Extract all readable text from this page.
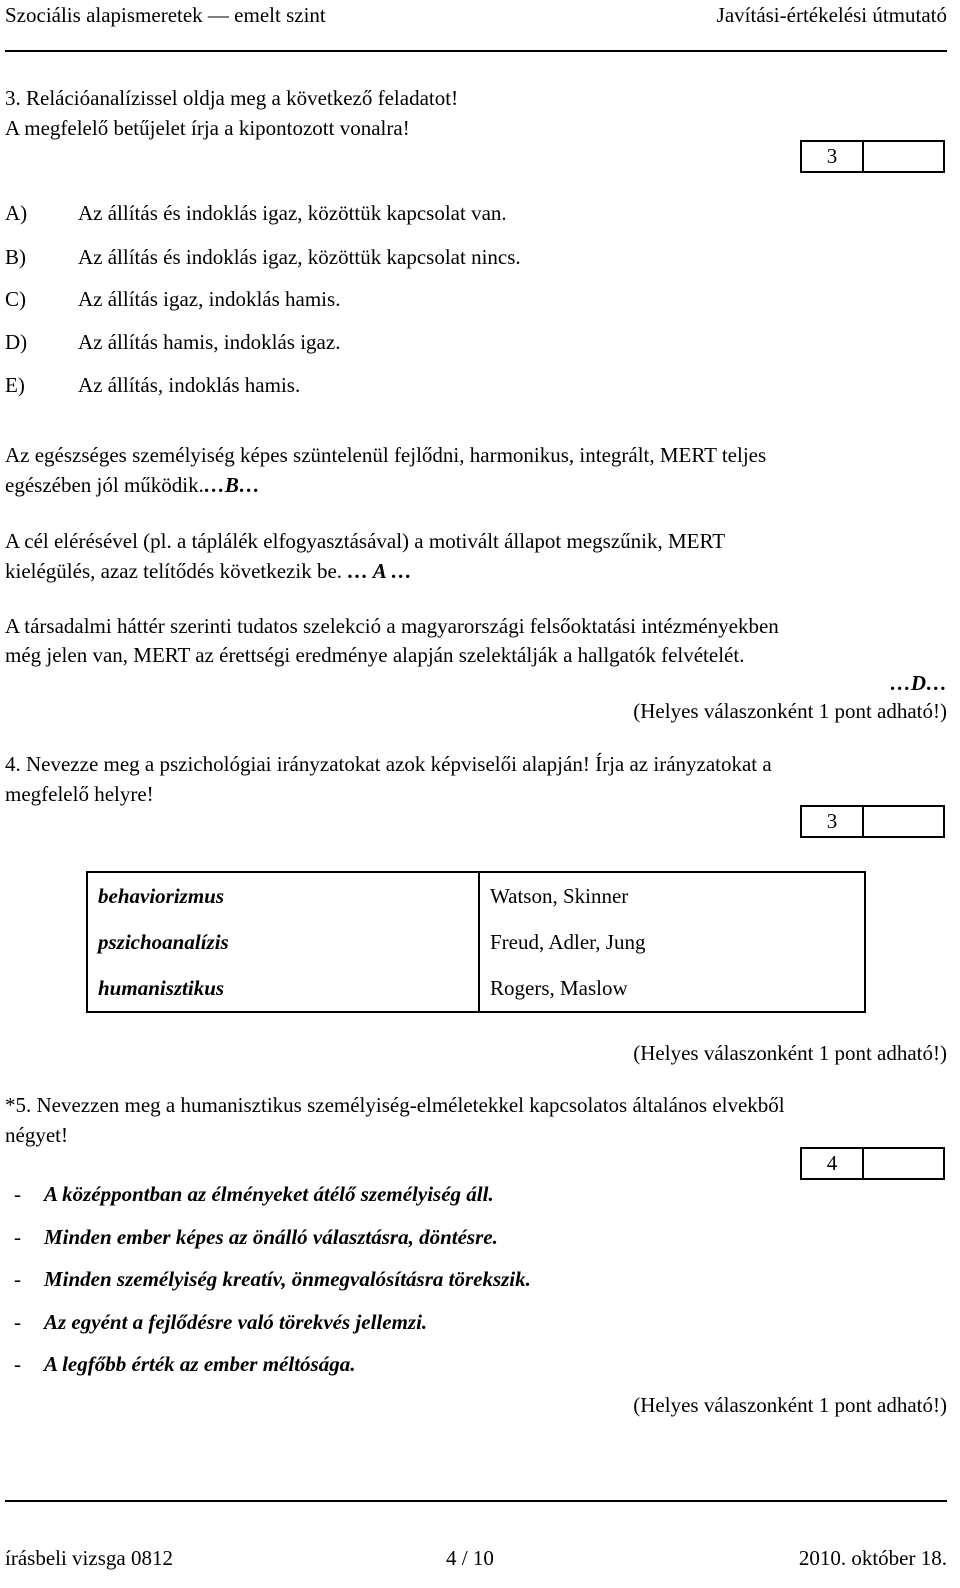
Szociális alapismeretek — emelt szint	Javítási-értékelési útmutató
3. Relációanalízissel oldja meg a következő feladatot!
A megfelelő betűjelet írja a kipontozott vonalra!
3
A) Az állítás és indoklás igaz, közöttük kapcsolat van.
B) Az állítás és indoklás igaz, közöttük kapcsolat nincs.
C) Az állítás igaz, indoklás hamis.
D) Az állítás hamis, indoklás igaz.
E)	Az állítás, indoklás hamis.
Az egészséges személyiség képes szüntelenül fejlődni, harmonikus, integrált, MERT teljes
egészében jól működik.…B…
A cél elérésével (pl. a táplálék elfogyasztásával) a motivált állapot megszűnik, MERT
kielégülés, azaz telítődés következik be. … A …
A társadalmi háttér szerinti tudatos szelekció a magyarországi felsőoktatási intézményekben
még jelen van, MERT az érettségi eredménye alapján szelektálják a hallgatók felvételét.
…D…
(Helyes válaszonként 1 pont adható!)
4. Nevezze meg a pszichológiai irányzatokat azok képviselői alapján! Írja az irányzatokat a
megfelelő helyre!
3
behaviorizmus	Watson, Skinner
pszichoanalízis	Freud, Adler, Jung
humanisztikus	Rogers, Maslow
(Helyes válaszonként 1 pont adható!)
*5. Nevezzen meg a humanisztikus személyiség-elméletekkel kapcsolatos általános elvekből
négyet!
4
- A középpontban az élményeket átélő személyiség áll.
- Minden ember képes az önálló választásra, döntésre.
- Minden személyiség kreatív, önmegvalósításra törekszik.
- Az egyént a fejlődésre való törekvés jellemzi.
- A legfőbb érték az ember méltósága.
(Helyes válaszonként 1 pont adható!)
írásbeli vizsga 0812	4 / 10	2010. október 18.
